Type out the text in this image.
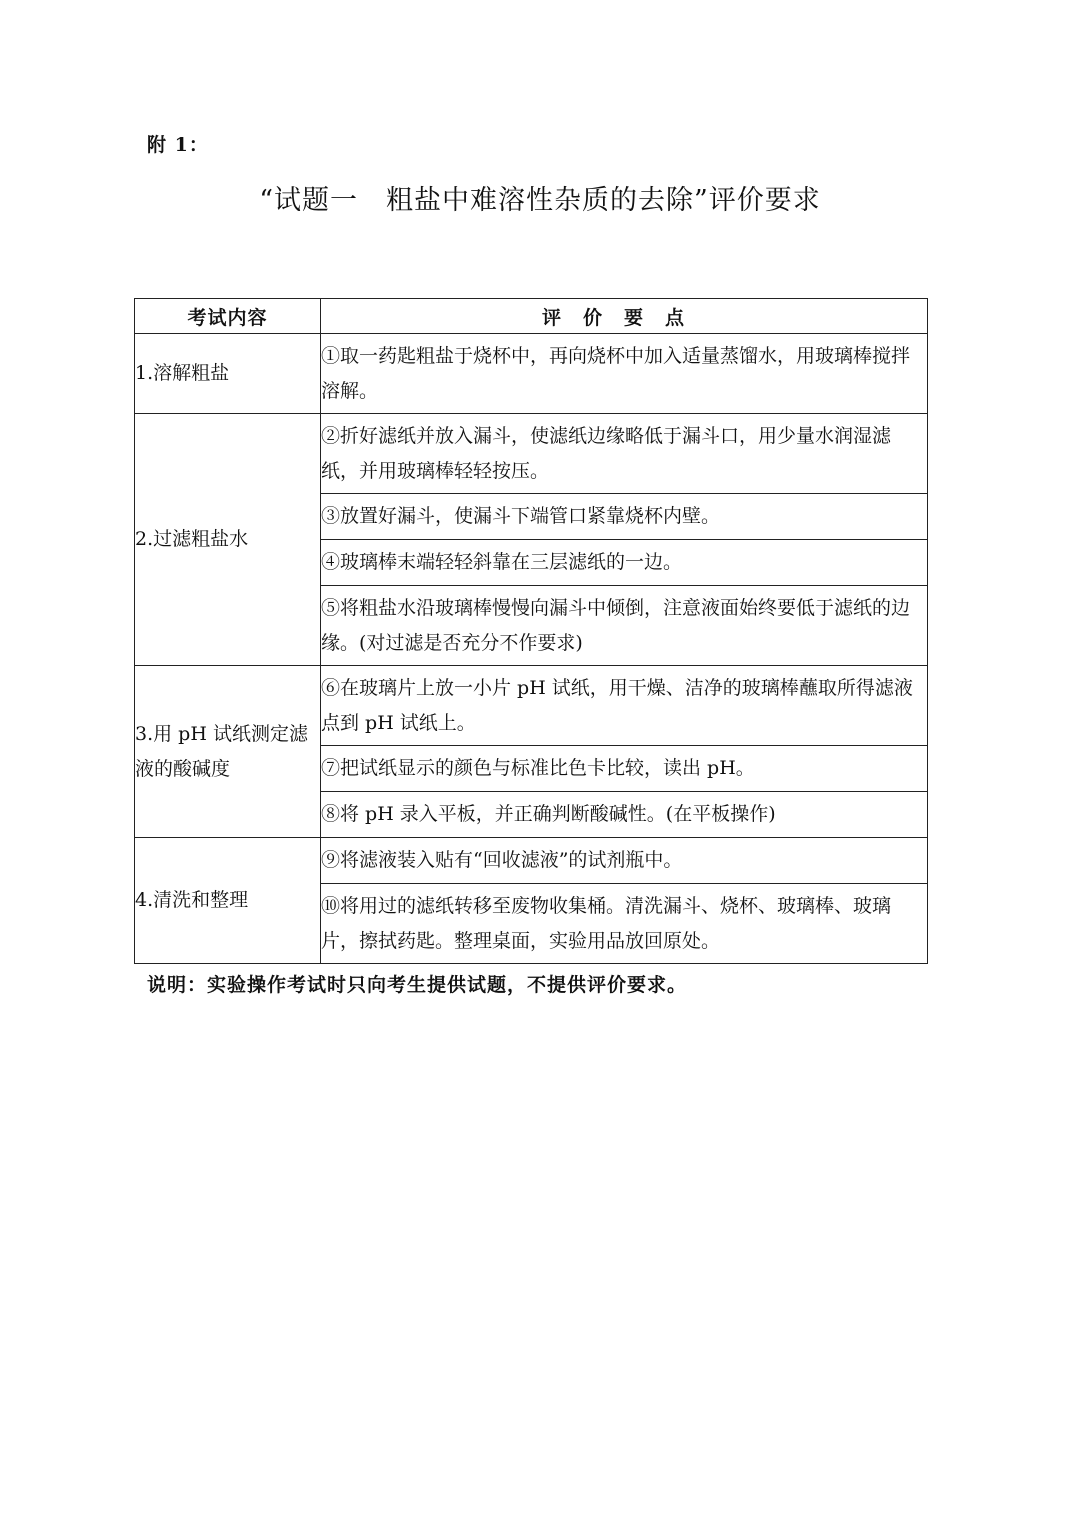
附 1：
“试题一　粗盐中难溶性杂质的去除”评价要求
考试内容	评价要点
1.溶解粗盐	①取一药匙粗盐于烧杯中，再向烧杯中加入适量蒸馏水，用玻璃棒搅拌溶解。
2.过滤粗盐水	②折好滤纸并放入漏斗，使滤纸边缘略低于漏斗口，用少量水润湿滤纸，并用玻璃棒轻轻按压。
	③放置好漏斗，使漏斗下端管口紧靠烧杯内壁。
	④玻璃棒末端轻轻斜靠在三层滤纸的一边。
	⑤将粗盐水沿玻璃棒慢慢向漏斗中倾倒，注意液面始终要低于滤纸的边缘。(对过滤是否充分不作要求)
3.用 pH 试纸测定滤液的酸碱度	⑥在玻璃片上放一小片 pH 试纸，用干燥、洁净的玻璃棒蘸取所得滤液点到 pH 试纸上。
	⑦把试纸显示的颜色与标准比色卡比较，读出 pH。
	⑧将 pH 录入平板，并正确判断酸碱性。(在平板操作)
4.清洗和整理	⑨将滤液装入贴有“回收滤液”的试剂瓶中。
	⑩将用过的滤纸转移至废物收集桶。清洗漏斗、烧杯、玻璃棒、玻璃片，擦拭药匙。整理桌面，实验用品放回原处。
说明：实验操作考试时只向考生提供试题，不提供评价要求。
